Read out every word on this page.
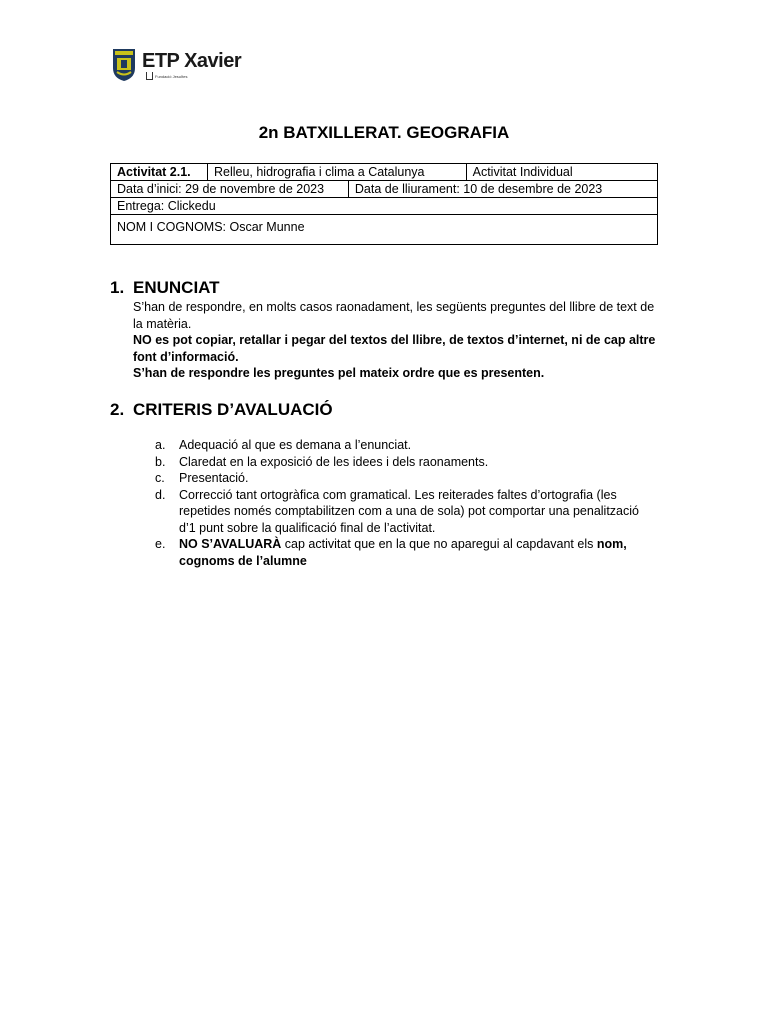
ETP Xavier
Fundació Jesuïtes
2n BATXILLERAT. GEOGRAFIA
Activitat 2.1.	Relleu, hidrografia i clima a Catalunya		Activitat Individual
Data d’inici: 29 de novembre de 2023		Data de lliurament: 10 de desembre de 2023	
Entrega: Clickedu			
NOM I COGNOMS: Oscar Munne			
1. ENUNCIAT

S’han de respondre, en molts casos raonadament, les següents preguntes del llibre de text de la matèria.

NO es pot copiar, retallar i pegar del textos del llibre, de textos d’internet, ni de cap altre font d’informació.

S’han de respondre les preguntes pel mateix ordre que es presenten.

2. CRITERIS D’AVALUACIÓ
a. Adequació al que es demana a l’enunciat.
b. Claredat en la exposició de les idees i dels raonaments.
c. Presentació.
d. Correcció tant ortogràfica com gramatical. Les reiterades faltes d’ortografia (les repetides només comptabilitzen com a una de sola) pot comportar una penalització d’1 punt sobre la qualificació final de l’activitat.
e. NO S’AVALUARÀ cap activitat que en la que no aparegui al capdavant els nom, cognoms de l’alumne
